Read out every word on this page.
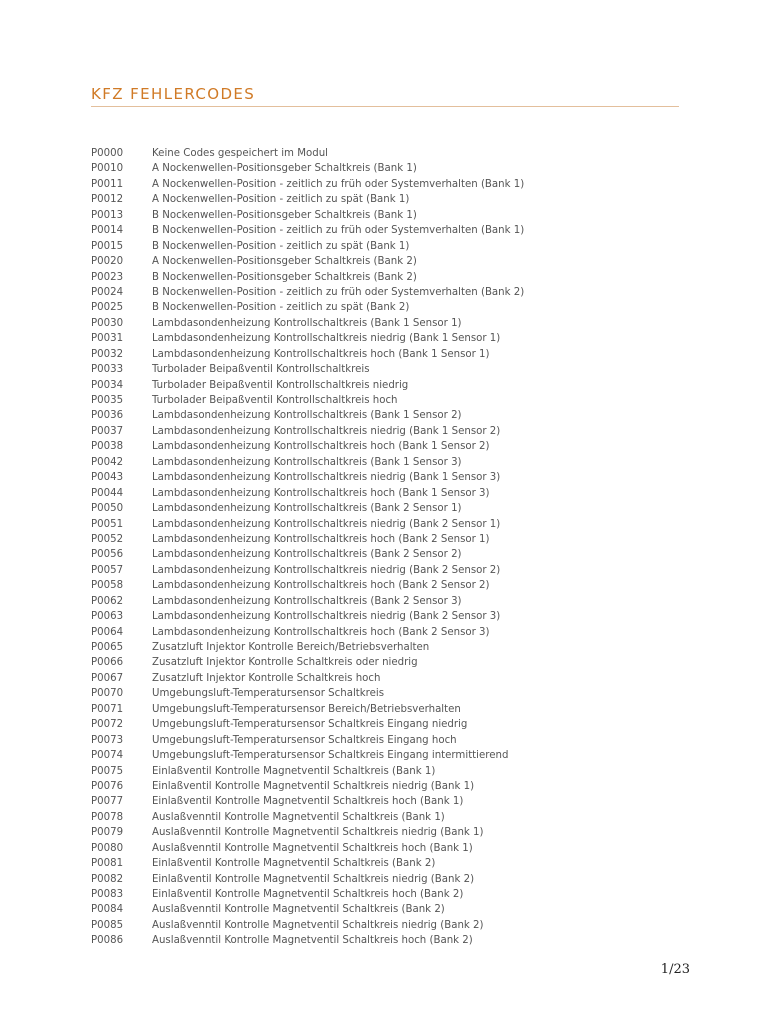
KFZ FEHLERCODES
P0000	Keine Codes gespeichert im Modul
P0010	A Nockenwellen-Positionsgeber Schaltkreis (Bank 1)
P0011	A Nockenwellen-Position - zeitlich zu früh oder Systemverhalten (Bank 1)
P0012	A Nockenwellen-Position - zeitlich zu spät (Bank 1)
P0013	B Nockenwellen-Positionsgeber Schaltkreis (Bank 1)
P0014	B Nockenwellen-Position - zeitlich zu früh oder Systemverhalten (Bank 1)
P0015	B Nockenwellen-Position - zeitlich zu spät (Bank 1)
P0020	A Nockenwellen-Positionsgeber Schaltkreis (Bank 2)
P0023	B Nockenwellen-Positionsgeber Schaltkreis (Bank 2)
P0024	B Nockenwellen-Position - zeitlich zu früh oder Systemverhalten (Bank 2)
P0025	B Nockenwellen-Position - zeitlich zu spät (Bank 2)
P0030	Lambdasondenheizung Kontrollschaltkreis (Bank 1 Sensor 1)
P0031	Lambdasondenheizung Kontrollschaltkreis niedrig (Bank 1 Sensor 1)
P0032	Lambdasondenheizung Kontrollschaltkreis hoch (Bank 1 Sensor 1)
P0033	Turbolader Beipaßventil Kontrollschaltkreis
P0034	Turbolader Beipaßventil Kontrollschaltkreis niedrig
P0035	Turbolader Beipaßventil Kontrollschaltkreis hoch
P0036	Lambdasondenheizung Kontrollschaltkreis (Bank 1 Sensor 2)
P0037	Lambdasondenheizung Kontrollschaltkreis niedrig (Bank 1 Sensor 2)
P0038	Lambdasondenheizung Kontrollschaltkreis hoch (Bank 1 Sensor 2)
P0042	Lambdasondenheizung Kontrollschaltkreis (Bank 1 Sensor 3)
P0043	Lambdasondenheizung Kontrollschaltkreis niedrig (Bank 1 Sensor 3)
P0044	Lambdasondenheizung Kontrollschaltkreis hoch (Bank 1 Sensor 3)
P0050	Lambdasondenheizung Kontrollschaltkreis (Bank 2 Sensor 1)
P0051	Lambdasondenheizung Kontrollschaltkreis niedrig (Bank 2 Sensor 1)
P0052	Lambdasondenheizung Kontrollschaltkreis hoch (Bank 2 Sensor 1)
P0056	Lambdasondenheizung Kontrollschaltkreis (Bank 2 Sensor 2)
P0057	Lambdasondenheizung Kontrollschaltkreis niedrig (Bank 2 Sensor 2)
P0058	Lambdasondenheizung Kontrollschaltkreis hoch (Bank 2 Sensor 2)
P0062	Lambdasondenheizung Kontrollschaltkreis (Bank 2 Sensor 3)
P0063	Lambdasondenheizung Kontrollschaltkreis niedrig (Bank 2 Sensor 3)
P0064	Lambdasondenheizung Kontrollschaltkreis hoch (Bank 2 Sensor 3)
P0065	Zusatzluft Injektor Kontrolle Bereich/Betriebsverhalten
P0066	Zusatzluft Injektor Kontrolle Schaltkreis oder niedrig
P0067	Zusatzluft Injektor Kontrolle Schaltkreis hoch
P0070	Umgebungsluft-Temperatursensor Schaltkreis
P0071	Umgebungsluft-Temperatursensor Bereich/Betriebsverhalten
P0072	Umgebungsluft-Temperatursensor Schaltkreis Eingang niedrig
P0073	Umgebungsluft-Temperatursensor Schaltkreis Eingang hoch
P0074	Umgebungsluft-Temperatursensor Schaltkreis Eingang intermittierend
P0075	Einlaßventil Kontrolle Magnetventil Schaltkreis (Bank 1)
P0076	Einlaßventil Kontrolle Magnetventil Schaltkreis niedrig (Bank 1)
P0077	Einlaßventil Kontrolle Magnetventil Schaltkreis hoch (Bank 1)
P0078	Auslaßvenntil Kontrolle Magnetventil Schaltkreis (Bank 1)
P0079	Auslaßvenntil Kontrolle Magnetventil Schaltkreis niedrig (Bank 1)
P0080	Auslaßvenntil Kontrolle Magnetventil Schaltkreis hoch (Bank 1)
P0081	Einlaßventil Kontrolle Magnetventil Schaltkreis (Bank 2)
P0082	Einlaßventil Kontrolle Magnetventil Schaltkreis niedrig (Bank 2)
P0083	Einlaßventil Kontrolle Magnetventil Schaltkreis hoch (Bank 2)
P0084	Auslaßvenntil Kontrolle Magnetventil Schaltkreis (Bank 2)
P0085	Auslaßvenntil Kontrolle Magnetventil Schaltkreis niedrig (Bank 2)
P0086	Auslaßvenntil Kontrolle Magnetventil Schaltkreis hoch (Bank 2)
1/23
